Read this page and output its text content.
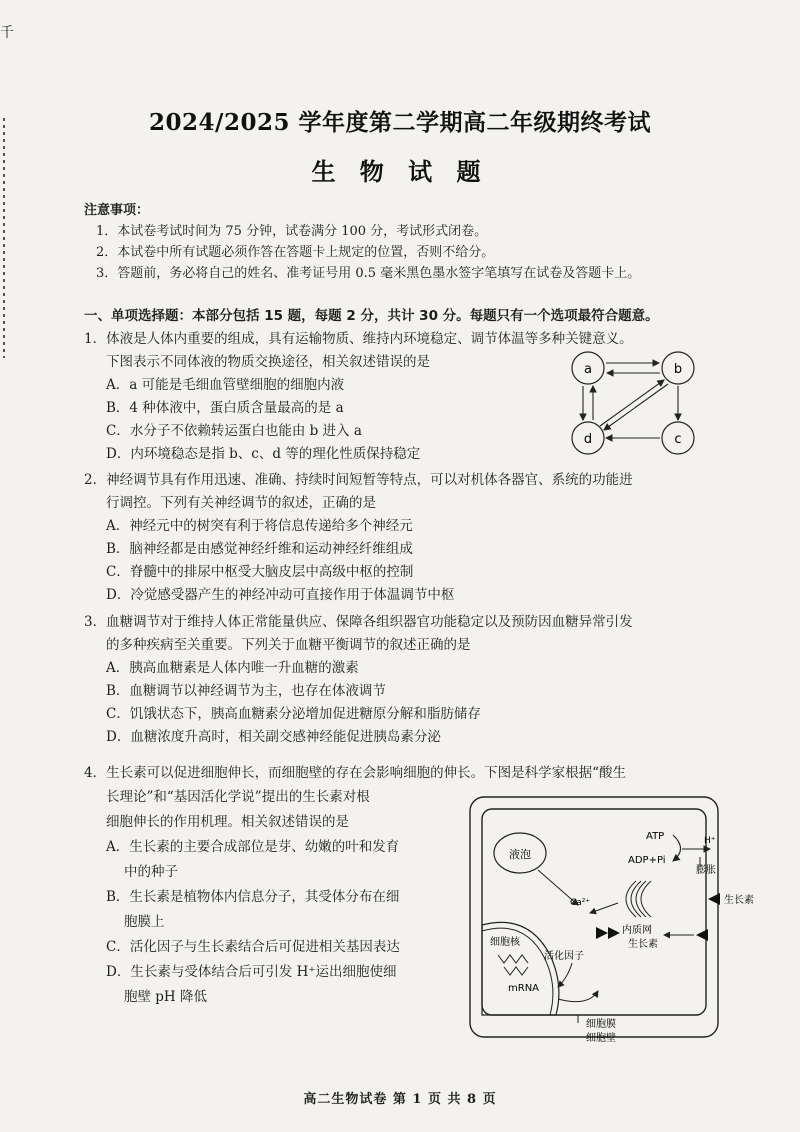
千
2024/2025 学年度第二学期高二年级期终考试
生 物 试 题
注意事项：
1．本试卷考试时间为 75 分钟，试卷满分 100 分，考试形式闭卷。
2．本试卷中所有试题必须作答在答题卡上规定的位置，否则不给分。
3．答题前，务必将自己的姓名、准考证号用 0.5 毫米黑色墨水签字笔填写在试卷及答题卡上。
一、单项选择题：本部分包括 15 题，每题 2 分，共计 30 分。每题只有一个选项最符合题意。
1．体液是人体内重要的组成，具有运输物质、维持内环境稳定、调节体温等多种关键意义。
下图表示不同体液的物质交换途径，相关叙述错误的是
A．a 可能是毛细血管壁细胞的细胞内液
B．4 种体液中，蛋白质含量最高的是 a
C．水分子不依赖转运蛋白也能由 b 进入 a
D．内环境稳态是指 b、c、d 等的理化性质保持稳定
a	b
d	c
2．神经调节具有作用迅速、准确、持续时间短暂等特点，可以对机体各器官、系统的功能进
行调控。下列有关神经调节的叙述，正确的是
A．神经元中的树突有利于将信息传递给多个神经元
B．脑神经都是由感觉神经纤维和运动神经纤维组成
C．脊髓中的排尿中枢受大脑皮层中高级中枢的控制
D．冷觉感受器产生的神经冲动可直接作用于体温调节中枢
3．血糖调节对于维持人体正常能量供应、保障各组织器官功能稳定以及预防因血糖异常引发
的多种疾病至关重要。下列关于血糖平衡调节的叙述正确的是
A．胰高血糖素是人体内唯一升血糖的激素
B．血糖调节以神经调节为主，也存在体液调节
C．饥饿状态下，胰高血糖素分泌增加促进糖原分解和脂肪储存
D．血糖浓度升高时，相关副交感神经能促进胰岛素分泌
4．生长素可以促进细胞伸长，而细胞壁的存在会影响细胞的伸长。下图是科学家根据“酸生
长理论”和“基因活化学说”提出的生长素对根
细胞伸长的作用机理。相关叙述错误的是
A．生长素的主要合成部位是芽、幼嫩的叶和发育
中的种子
B．生长素是植物体内信息分子，其受体分布在细
胞膜上
C．活化因子与生长素结合后可促进相关基因表达
D．生长素与受体结合后可引发 H⁺运出细胞使细
胞壁 pH 降低
液泡
ATP
ADP+Pi
H⁺
膨胀
Ca²⁺
内质网
生长素
生长素
细胞核
mRNA
活化因子
细胞膜
细胞壁
高二生物试卷 第 1 页 共 8 页
